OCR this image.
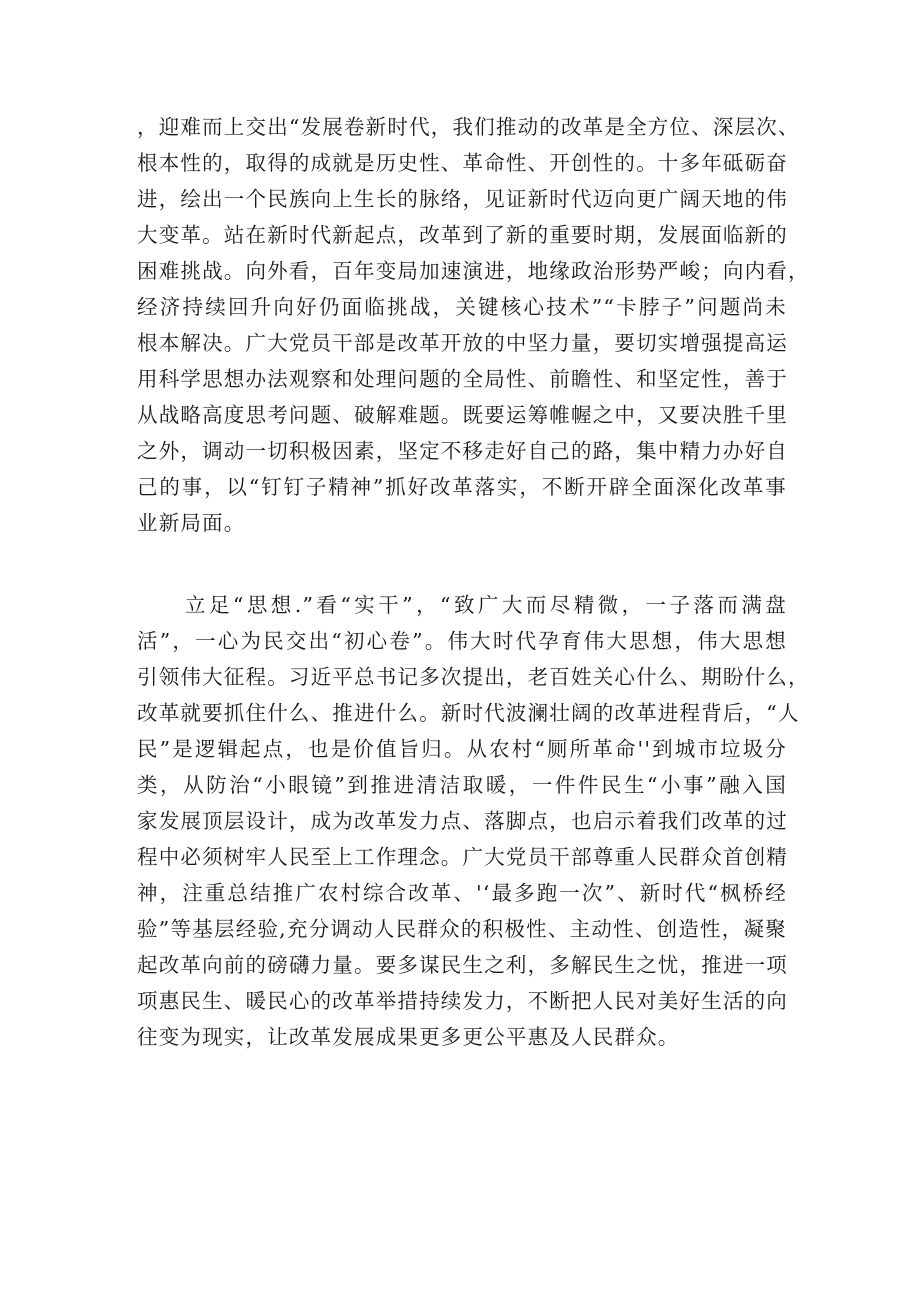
，迎难而上交出“发展卷新时代，我们推动的改革是全方位、深层次、
根本性的，取得的成就是历史性、革命性、开创性的。十多年砥砺奋
进，绘出一个民族向上生长的脉络，见证新时代迈向更广阔天地的伟
大变革。站在新时代新起点，改革到了新的重要时期，发展面临新的
困难挑战。向外看，百年变局加速演进，地缘政治形势严峻；向内看，
经济持续回升向好仍面临挑战，关键核心技术”“卡脖子”问题尚未
根本解决。广大党员干部是改革开放的中坚力量，要切实增强提高运
用科学思想办法观察和处理问题的全局性、前瞻性、和坚定性，善于
从战略高度思考问题、破解难题。既要运筹帷幄之中，又要决胜千里
之外，调动一切积极因素，坚定不移走好自己的路，集中精力办好自
己的事，以“钉钉子精神”抓好改革落实，不断开辟全面深化改革事
业新局面。
立足“思想.”看“实干”，“致广大而尽精微，一子落而满盘
活”，一心为民交出“初心卷”。伟大时代孕育伟大思想，伟大思想
引领伟大征程。习近平总书记多次提出，老百姓关心什么、期盼什么，
改革就要抓住什么、推进什么。新时代波澜壮阔的改革进程背后，“人
民”是逻辑起点，也是价值旨归。从农村“厕所革命''到城市垃圾分
类，从防治“小眼镜”到推进清洁取暖，一件件民生“小事”融入国
家发展顶层设计，成为改革发力点、落脚点，也启示着我们改革的过
程中必须树牢人民至上工作理念。广大党员干部尊重人民群众首创精
神，注重总结推广农村综合改革、'‘最多跑一次”、新时代“枫桥经
验”等基层经验,充分调动人民群众的积极性、主动性、创造性，凝聚
起改革向前的磅礴力量。要多谋民生之利，多解民生之忧，推进一项
项惠民生、暖民心的改革举措持续发力，不断把人民对美好生活的向
往变为现实，让改革发展成果更多更公平惠及人民群众。
